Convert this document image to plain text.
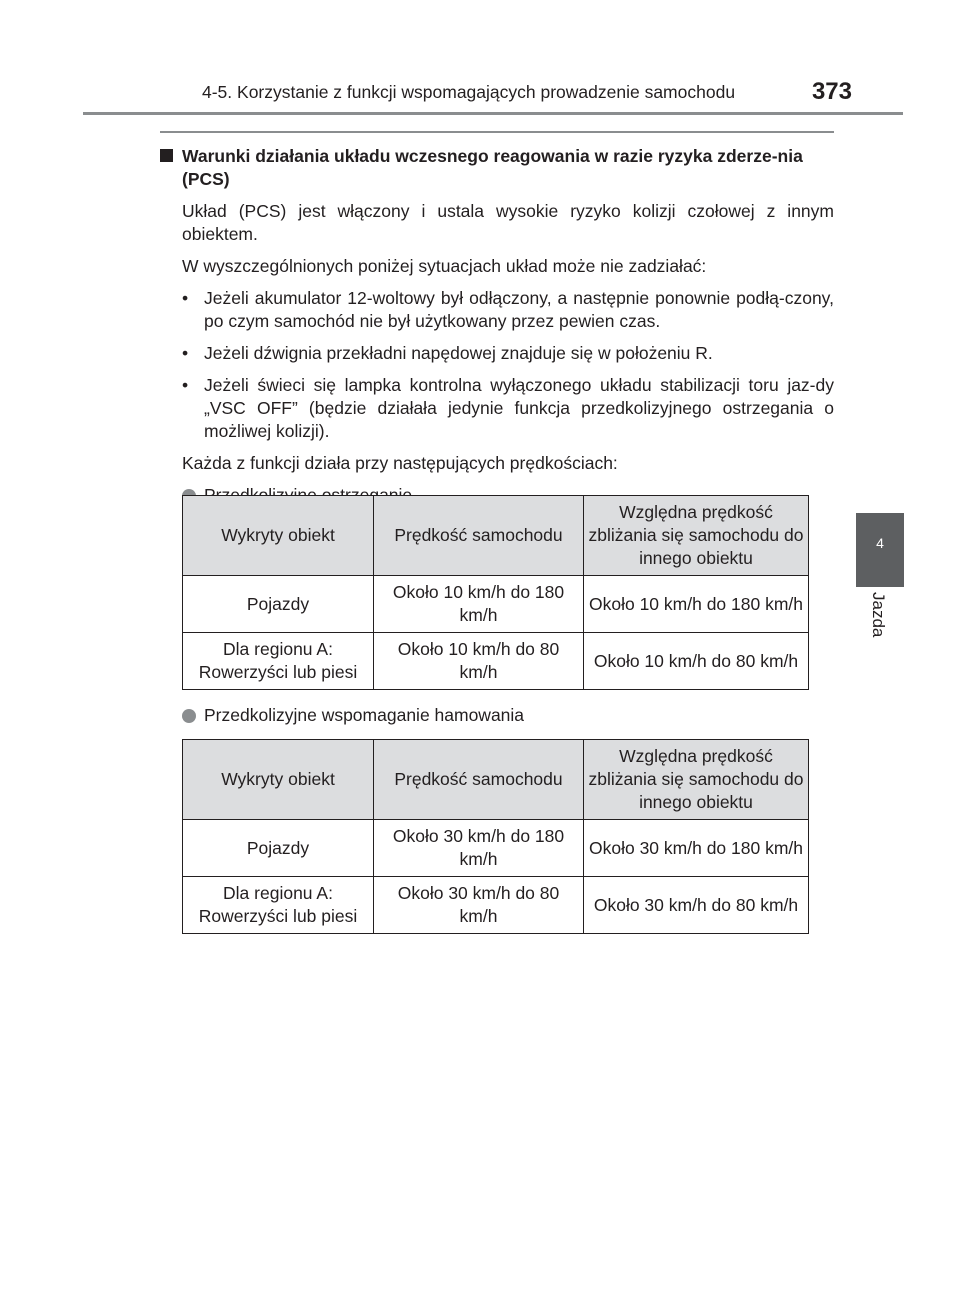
4-5. Korzystanie z funkcji wspomagających prowadzenie samochodu	373
4
Jazda
Warunki działania układu wczesnego reagowania w razie ryzyka zderze-nia (PCS)
Układ (PCS) jest włączony i ustala wysokie ryzyko kolizji czołowej z innym obiektem.
W wyszczególnionych poniżej sytuacjach układ może nie zadziałać:
• Jeżeli akumulator 12-woltowy był odłączony, a następnie ponownie podłą-czony, po czym samochód nie był użytkowany przez pewien czas.
• Jeżeli dźwignia przekładni napędowej znajduje się w położeniu R.
• Jeżeli świeci się lampka kontrolna wyłączonego układu stabilizacji toru jaz-dy „VSC OFF” (będzie działała jedynie funkcja przedkolizyjnego ostrzegania o możliwej kolizji).
Każda z funkcji działa przy następujących prędkościach:
Wykryty obiekt	Prędkość samochodu	Względna prędkość zbliżania się samochodu do innego obiektu
Pojazdy	Około 10 km/h do 180 km/h	Około 10 km/h do 180 km/h
Dla regionu A: Rowerzyści lub piesi	Około 10 km/h do 80 km/h	Około 10 km/h do 80 km/h
Przedkolizyjne wspomaganie hamowania
Wykryty obiekt	Prędkość samochodu	Względna prędkość zbliżania się samochodu do innego obiektu
Pojazdy	Około 30 km/h do 180 km/h	Około 30 km/h do 180 km/h
Dla regionu A: Rowerzyści lub piesi	Około 30 km/h do 80 km/h	Około 30 km/h do 80 km/h
